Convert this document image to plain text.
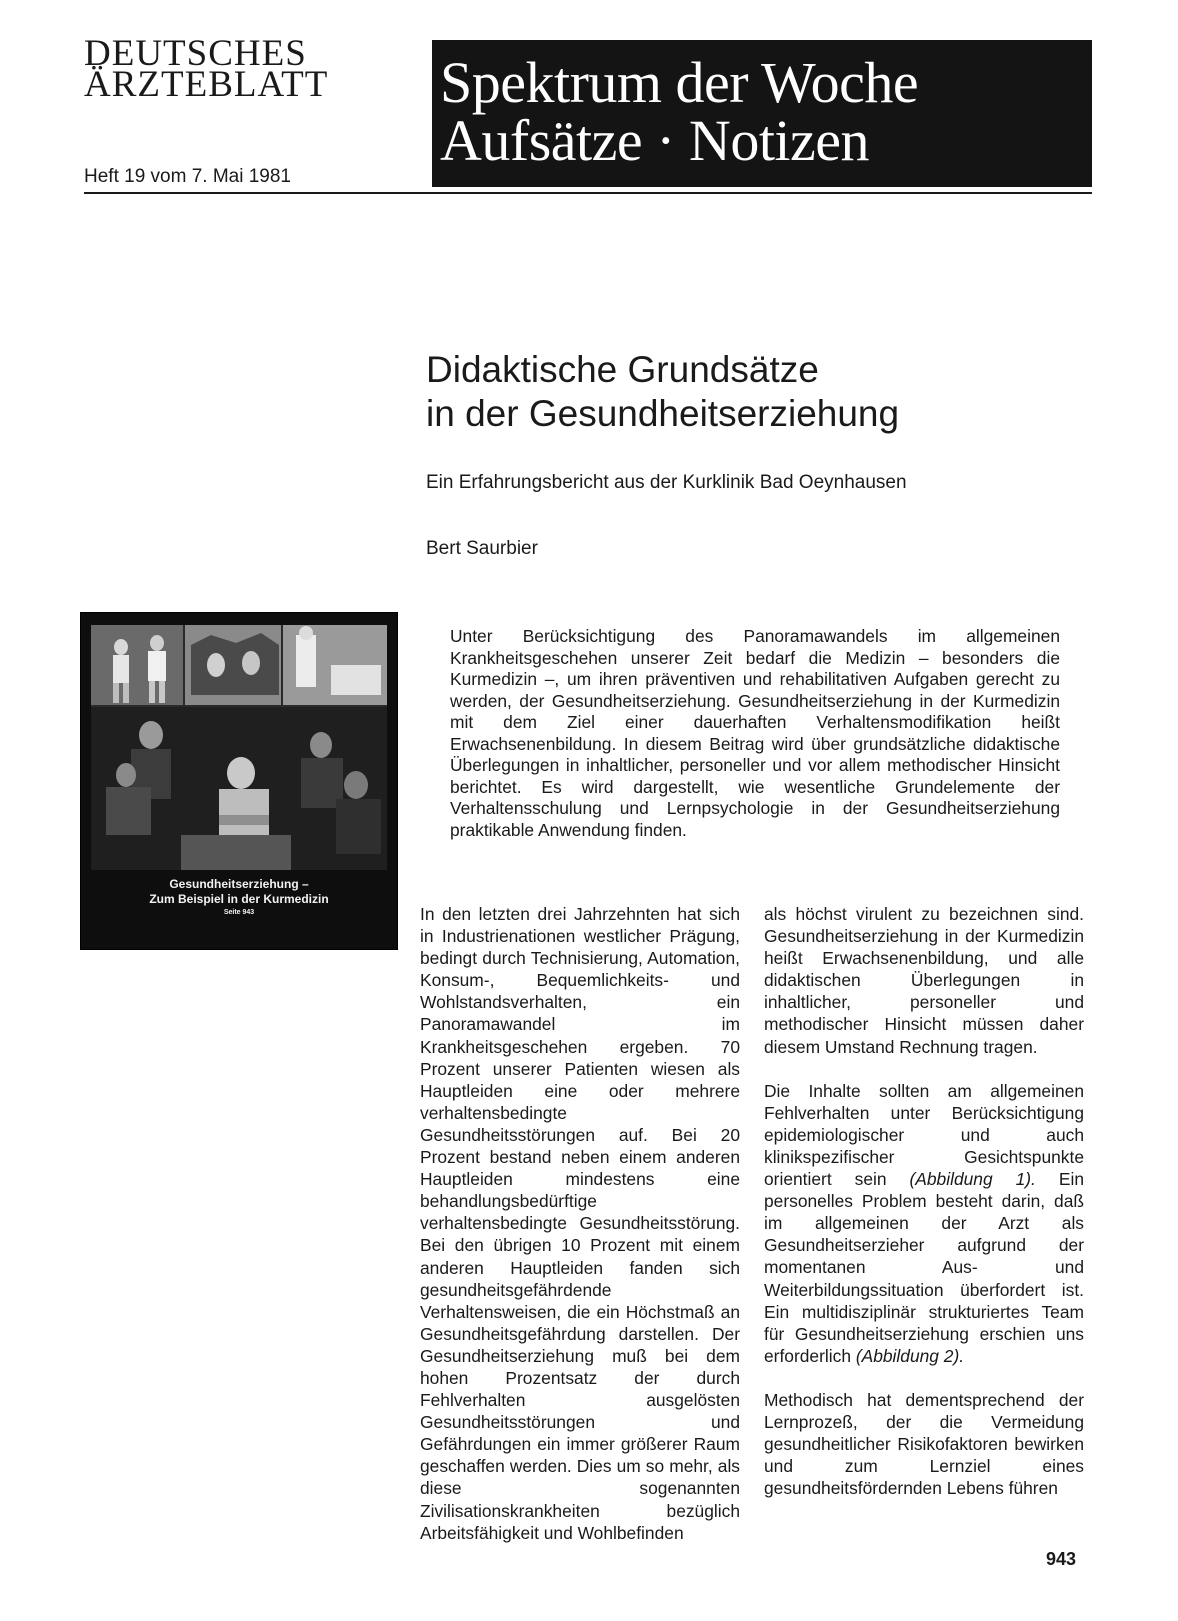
DEUTSCHES
ÄRZTEBLATT
Heft 19 vom 7. Mai 1981
Spektrum der Woche
Aufsätze · Notizen
Didaktische Grundsätze
in der Gesundheitserziehung
Ein Erfahrungsbericht aus der Kurklinik Bad Oeynhausen
Bert Saurbier
Gesundheitserziehung –
Zum Beispiel in der Kurmedizin
Seite 943
Unter Berücksichtigung des Panoramawandels im allgemeinen Krankheitsgeschehen unserer Zeit bedarf die Medizin – besonders die Kurmedizin –, um ihren präventiven und rehabilitativen Aufgaben gerecht zu werden, der Gesundheitserziehung. Gesundheitserziehung in der Kurmedizin mit dem Ziel einer dauerhaften Verhaltensmodifikation heißt Erwachsenenbildung. In diesem Beitrag wird über grundsätzliche didaktische Überlegungen in inhaltlicher, personeller und vor allem methodischer Hinsicht berichtet. Es wird dargestellt, wie wesentliche Grundelemente der Verhaltensschulung und Lernpsychologie in der Gesundheitserziehung praktikable Anwendung finden.

In den letzten drei Jahrzehnten hat sich in Industrienationen westlicher Prägung, bedingt durch Technisierung, Automation, Konsum-, Bequemlichkeits- und Wohlstandsverhalten, ein Panoramawandel im Krankheitsgeschehen ergeben. 70 Prozent unserer Patienten wiesen als Hauptleiden eine oder mehrere verhaltensbedingte Gesundheitsstörungen auf. Bei 20 Prozent bestand neben einem anderen Hauptleiden mindestens eine behandlungsbedürftige verhaltensbedingte Gesundheitsstörung. Bei den übrigen 10 Prozent mit einem anderen Hauptleiden fanden sich gesundheitsgefährdende Verhaltensweisen, die ein Höchstmaß an Gesundheitsgefährdung darstellen. Der Gesundheitserziehung muß bei dem hohen Prozentsatz der durch Fehlverhalten ausgelösten Gesundheitsstörungen und Gefährdungen ein immer größerer Raum geschaffen werden. Dies um so mehr, als diese sogenannten Zivilisationskrankheiten bezüglich Arbeitsfähigkeit und Wohlbefinden

als höchst virulent zu bezeichnen sind. Gesundheitserziehung in der Kurmedizin heißt Erwachsenenbildung, und alle didaktischen Überlegungen in inhaltlicher, personeller und methodischer Hinsicht müssen daher diesem Umstand Rechnung tragen.

Die Inhalte sollten am allgemeinen Fehlverhalten unter Berücksichtigung epidemiologischer und auch klinikspezifischer Gesichtspunkte orientiert sein (Abbildung 1). Ein personelles Problem besteht darin, daß im allgemeinen der Arzt als Gesundheitserzieher aufgrund der momentanen Aus- und Weiterbildungssituation überfordert ist. Ein multidisziplinär strukturiertes Team für Gesundheitserziehung erschien uns erforderlich (Abbildung 2).

Methodisch hat dementsprechend der Lernprozeß, der die Vermeidung gesundheitlicher Risikofaktoren bewirken und zum Lernziel eines gesundheitsfördernden Lebens führen

943
